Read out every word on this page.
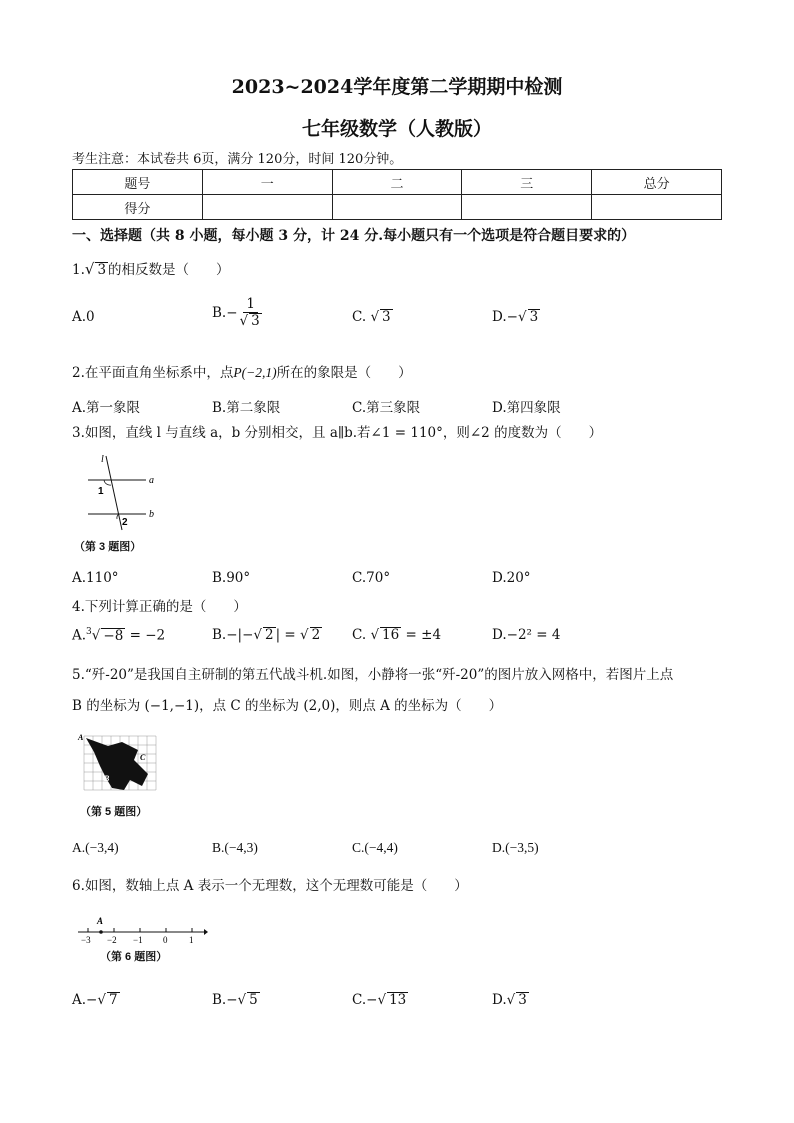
2023~2024学年度第二学期期中检测
七年级数学（人教版）
考生注意：本试卷共 6页，满分 120分，时间 120分钟。
题号	一	二	三	总分
得分				
一、选择题（共 8 小题，每小题 3 分，计 24 分.每小题只有一个选项是符合题目要求的）
1.√ 3 的相反数是（　　）
A.0	$B.- \frac{1}{√ 3}$	C. √ 3	D.−√ 3
2.在平面直角坐标系中，点P(−2,1)所在的象限是（　　）
A.第一象限	B.第二象限	C.第三象限	D.第四象限
3.如图，直线 l 与直线 a，b 分别相交，且 a∥b.若∠1 = 110°，则∠2 的度数为（　　）
l
a
b
1
2
（第 3 题图）
A.110°	B.90°	C.70°	D.20°
4.下列计算正确的是（　　）
A.$^3$√ −8 = −2	B.−|−√ 2 | = √ 2 C. √ 16 = ±4	D.−2² = 4
5.“歼-20”是我国自主研制的第五代战斗机.如图，小静将一张“歼-20”的图片放入网格中，若图片上点
B 的坐标为 (−1,−1)，点 C 的坐标为 (2,0)，则点 A 的坐标为（　　）
A
B
C
（第 5 题图）
A.(−3,4)	B.(−4,3)	C.(−4,4)	D.(−3,5)
6.如图，数轴上点 A 表示一个无理数，这个无理数可能是（　　）
A
−3 −2 −1 0 1
（第 6 题图）
A.−√ 7	B.−√ 5	C.−√ 13	D.√ 3
